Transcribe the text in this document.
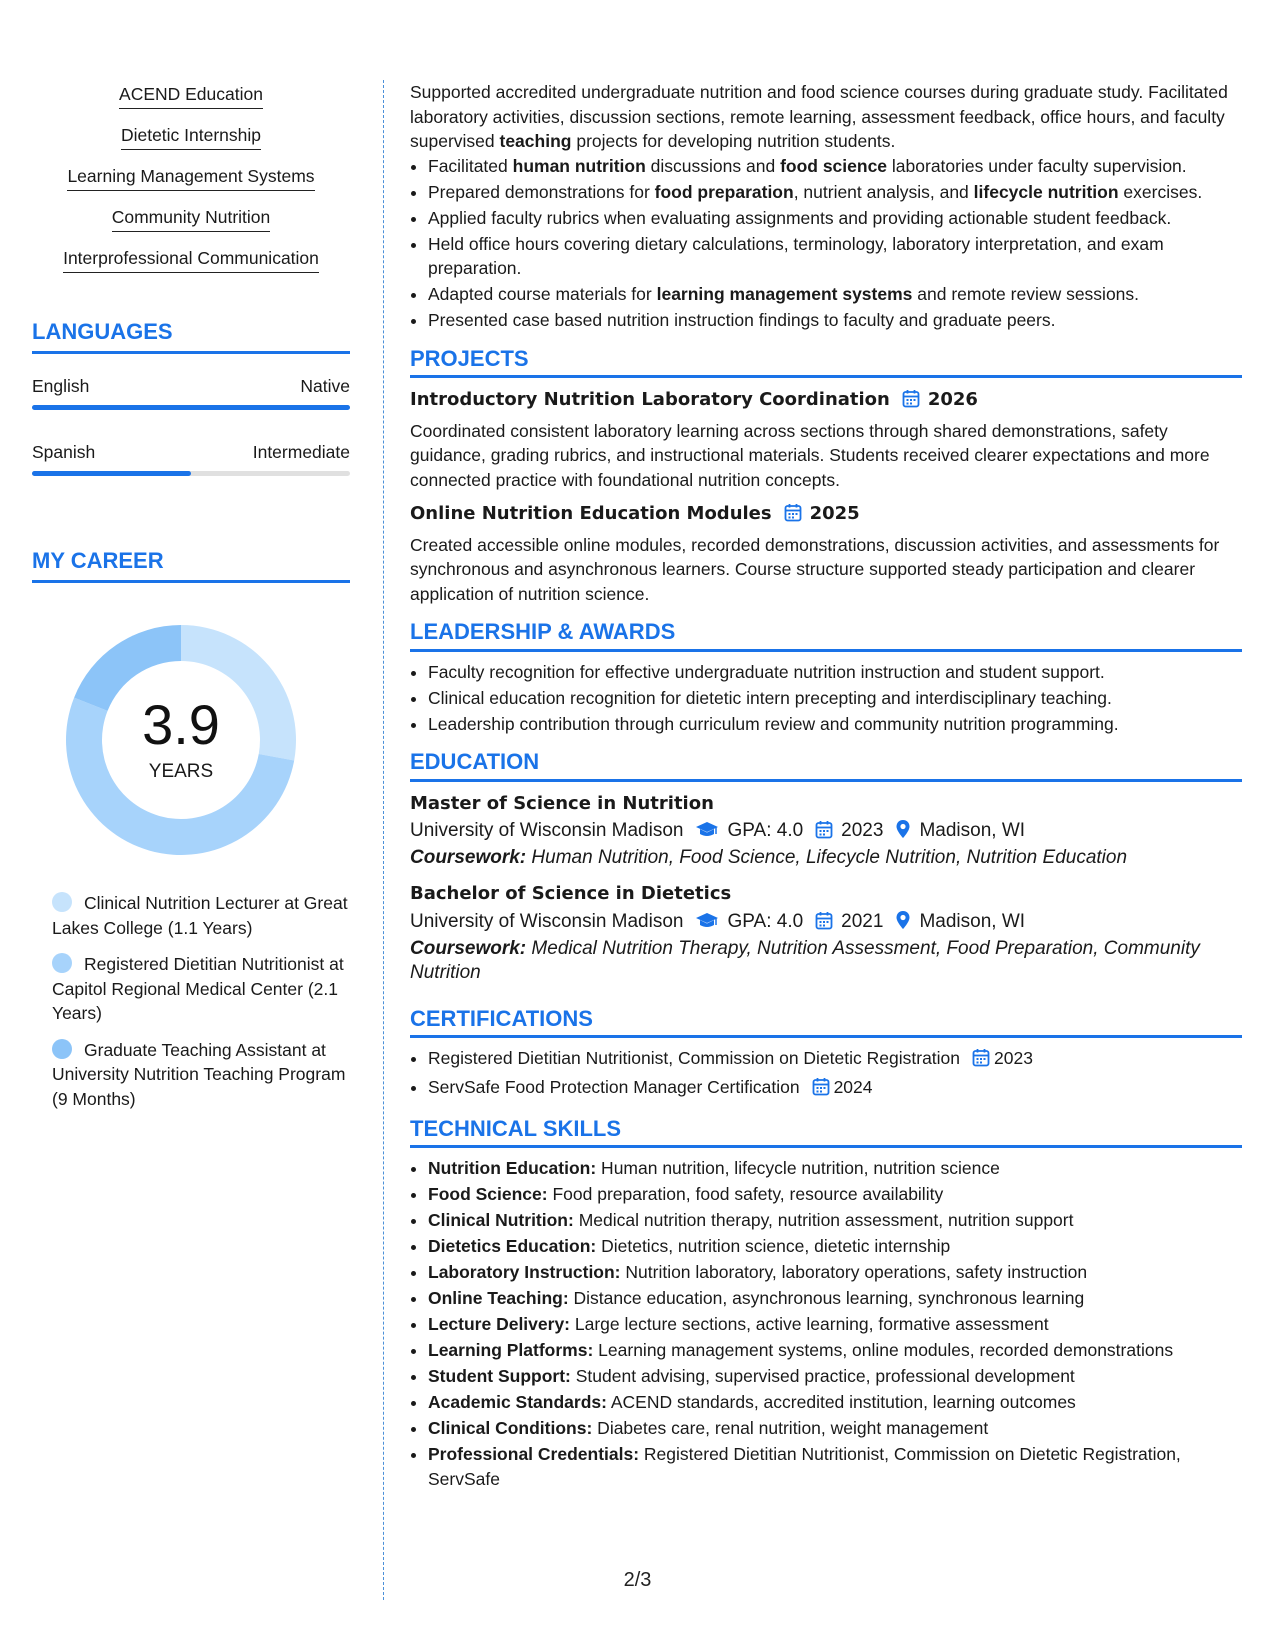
ACEND Education
Dietetic Internship
Learning Management Systems
Community Nutrition
Interprofessional Communication
LANGUAGES
English	Native
Spanish	Intermediate
MY CAREER
3.9
YEARS
Clinical Nutrition Lecturer at Great Lakes College (1.1 Years)
Registered Dietitian Nutritionist at Capitol Regional Medical Center (2.1 Years)
Graduate Teaching Assistant at University Nutrition Teaching Program (9 Months)

Supported accredited undergraduate nutrition and food science courses during graduate study. Facilitated laboratory activities, discussion sections, remote learning, assessment feedback, office hours, and faculty supervised teaching projects for developing nutrition students.

• Facilitated human nutrition discussions and food science laboratories under faculty supervision.
• Prepared demonstrations for food preparation, nutrient analysis, and lifecycle nutrition exercises.
• Applied faculty rubrics when evaluating assignments and providing actionable student feedback.
• Held office hours covering dietary calculations, terminology, laboratory interpretation, and exam preparation.
• Adapted course materials for learning management systems and remote review sessions.
• Presented case based nutrition instruction findings to faculty and graduate peers.
PROJECTS
Introductory Nutrition Laboratory Coordination 2026

Coordinated consistent laboratory learning across sections through shared demonstrations, safety guidance, grading rubrics, and instructional materials. Students received clearer expectations and more connected practice with foundational nutrition concepts.

Online Nutrition Education Modules 2025

Created accessible online modules, recorded demonstrations, discussion activities, and assessments for synchronous and asynchronous learners. Course structure supported steady participation and clearer application of nutrition science.

LEADERSHIP & AWARDS
• Faculty recognition for effective undergraduate nutrition instruction and student support.
• Clinical education recognition for dietetic intern precepting and interdisciplinary teaching.
• Leadership contribution through curriculum review and community nutrition programming.
EDUCATION
Master of Science in Nutrition
University of Wisconsin Madison GPA: 4.0 2023 Madison, WI
Coursework: Human Nutrition, Food Science, Lifecycle Nutrition, Nutrition Education
Bachelor of Science in Dietetics
University of Wisconsin Madison GPA: 4.0 2021 Madison, WI
Coursework: Medical Nutrition Therapy, Nutrition Assessment, Food Preparation, Community Nutrition
CERTIFICATIONS
• Registered Dietitian Nutritionist, Commission on Dietetic Registration 2023
• ServSafe Food Protection Manager Certification 2024
TECHNICAL SKILLS
• Nutrition Education: Human nutrition, lifecycle nutrition, nutrition science
• Food Science: Food preparation, food safety, resource availability
• Clinical Nutrition: Medical nutrition therapy, nutrition assessment, nutrition support
• Dietetics Education: Dietetics, nutrition science, dietetic internship
• Laboratory Instruction: Nutrition laboratory, laboratory operations, safety instruction
• Online Teaching: Distance education, asynchronous learning, synchronous learning
• Lecture Delivery: Large lecture sections, active learning, formative assessment
• Learning Platforms: Learning management systems, online modules, recorded demonstrations
• Student Support: Student advising, supervised practice, professional development
• Academic Standards: ACEND standards, accredited institution, learning outcomes
• Clinical Conditions: Diabetes care, renal nutrition, weight management
• Professional Credentials: Registered Dietitian Nutritionist, Commission on Dietetic Registration, ServSafe
2/3
